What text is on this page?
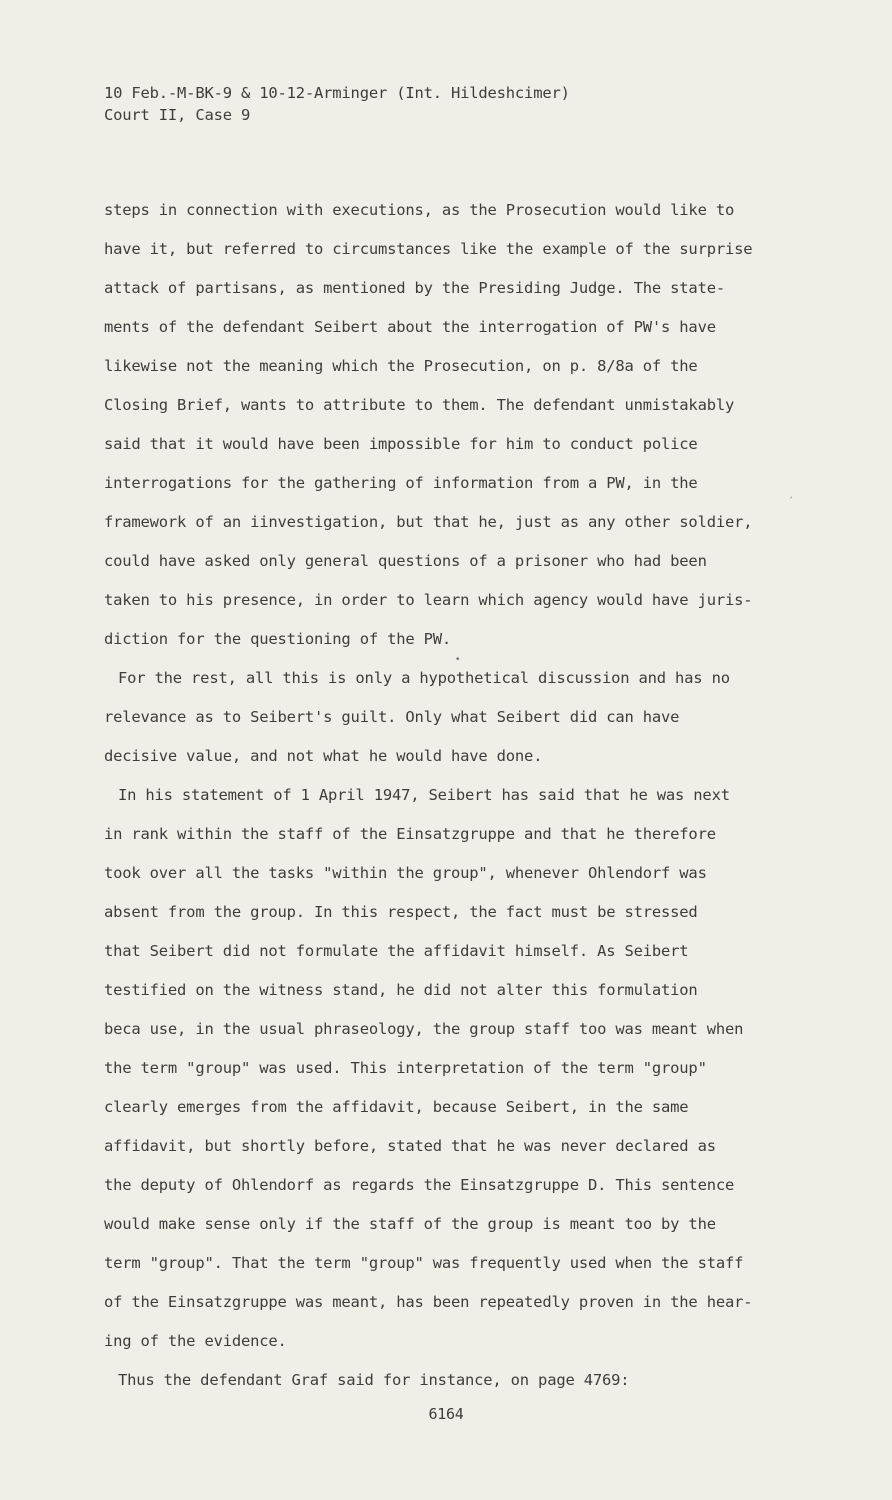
10 Feb.-M-BK-9 & 10-12-Arminger (Int. Hildeshcimer)
Court II, Case 9
steps in connection with executions, as the Prosecution would like to
have it, but referred to circumstances like the example of the surprise
attack of partisans, as mentioned by the Presiding Judge. The state-
ments of the defendant Seibert about the interrogation of PW's have
likewise not the meaning which the Prosecution, on p. 8/8a of the
Closing Brief, wants to attribute to them. The defendant unmistakably
said that it would have been impossible for him to conduct police
interrogations for the gathering of information from a PW, in the
framework of an iinvestigation, but that he, just as any other soldier,
could have asked only general questions of a prisoner who had been
taken to his presence, in order to learn which agency would have juris-
diction for the questioning of the PW.
For the rest, all this is only a hypothetical discussion and has no
relevance as to Seibert's guilt. Only what Seibert did can have
decisive value, and not what he would have done.
In his statement of 1 April 1947, Seibert has said that he was next
in rank within the staff of the Einsatzgruppe and that he therefore
took over all the tasks "within the group", whenever Ohlendorf was
absent from the group. In this respect, the fact must be stressed
that Seibert did not formulate the affidavit himself. As Seibert
testified on the witness stand, he did not alter this formulation
beca use, in the usual phraseology, the group staff too was meant when
the term "group" was used. This interpretation of the term "group"
clearly emerges from the affidavit, because Seibert, in the same
affidavit, but shortly before, stated that he was never declared as
the deputy of Ohlendorf as regards the Einsatzgruppe D. This sentence
would make sense only if the staff of the group is meant too by the
term "group". That the term "group" was frequently used when the staff
of the Einsatzgruppe was meant, has been repeatedly proven in the hear-
ing of the evidence.
Thus the defendant Graf said for instance, on page 4769:
•
´
6164
